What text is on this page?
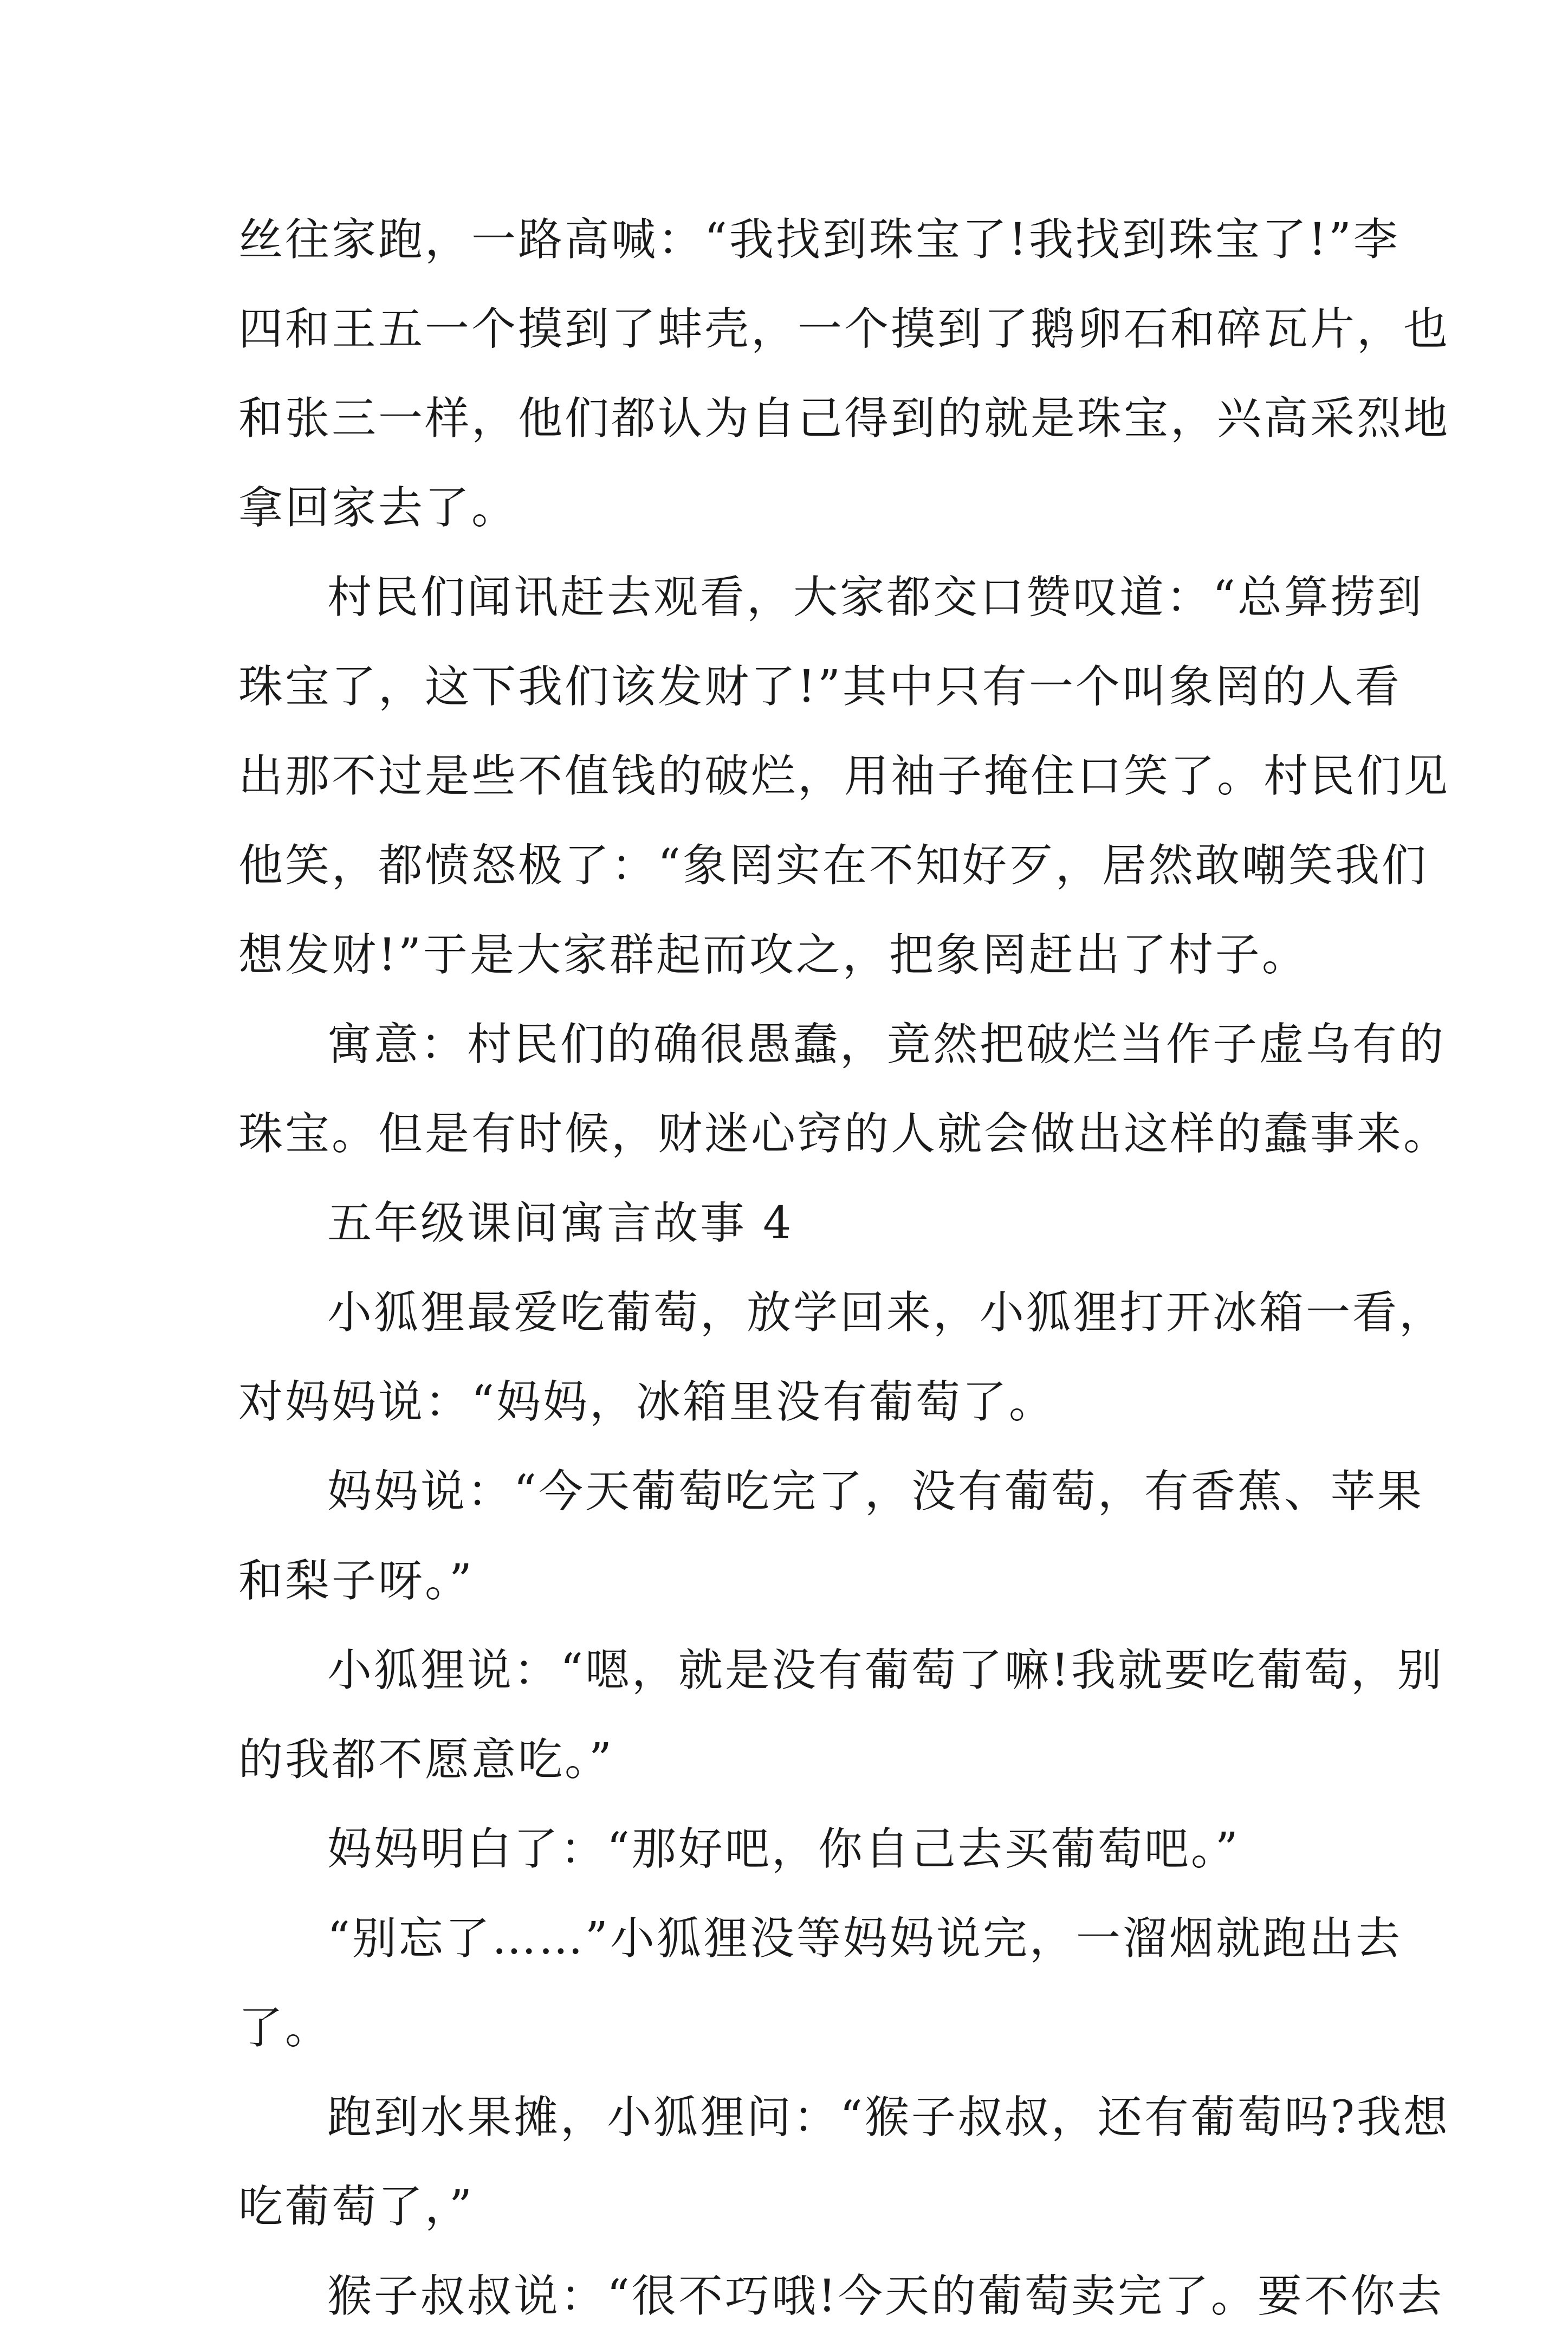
丝往家跑，一路高喊：“我找到珠宝了!我找到珠宝了!”李
四和王五一个摸到了蚌壳，一个摸到了鹅卵石和碎瓦片，也
和张三一样，他们都认为自己得到的就是珠宝，兴高采烈地
拿回家去了。
村民们闻讯赶去观看，大家都交口赞叹道：“总算捞到
珠宝了，这下我们该发财了!”其中只有一个叫象罔的人看
出那不过是些不值钱的破烂，用袖子掩住口笑了。村民们见
他笑，都愤怒极了：“象罔实在不知好歹，居然敢嘲笑我们
想发财!”于是大家群起而攻之，把象罔赶出了村子。
寓意：村民们的确很愚蠢，竟然把破烂当作子虚乌有的
珠宝。但是有时候，财迷心窍的人就会做出这样的蠢事来。
五年级课间寓言故事 4
小狐狸最爱吃葡萄，放学回来，小狐狸打开冰箱一看，
对妈妈说：“妈妈，冰箱里没有葡萄了。
妈妈说：“今天葡萄吃完了，没有葡萄，有香蕉、苹果
和梨子呀。”
小狐狸说：“嗯，就是没有葡萄了嘛!我就要吃葡萄，别
的我都不愿意吃。”
妈妈明白了：“那好吧，你自己去买葡萄吧。”
“别忘了……”小狐狸没等妈妈说完，一溜烟就跑出去
了。
跑到水果摊，小狐狸问：“猴子叔叔，还有葡萄吗?我想
吃葡萄了，”
猴子叔叔说：“很不巧哦!今天的葡萄卖完了。要不你去
